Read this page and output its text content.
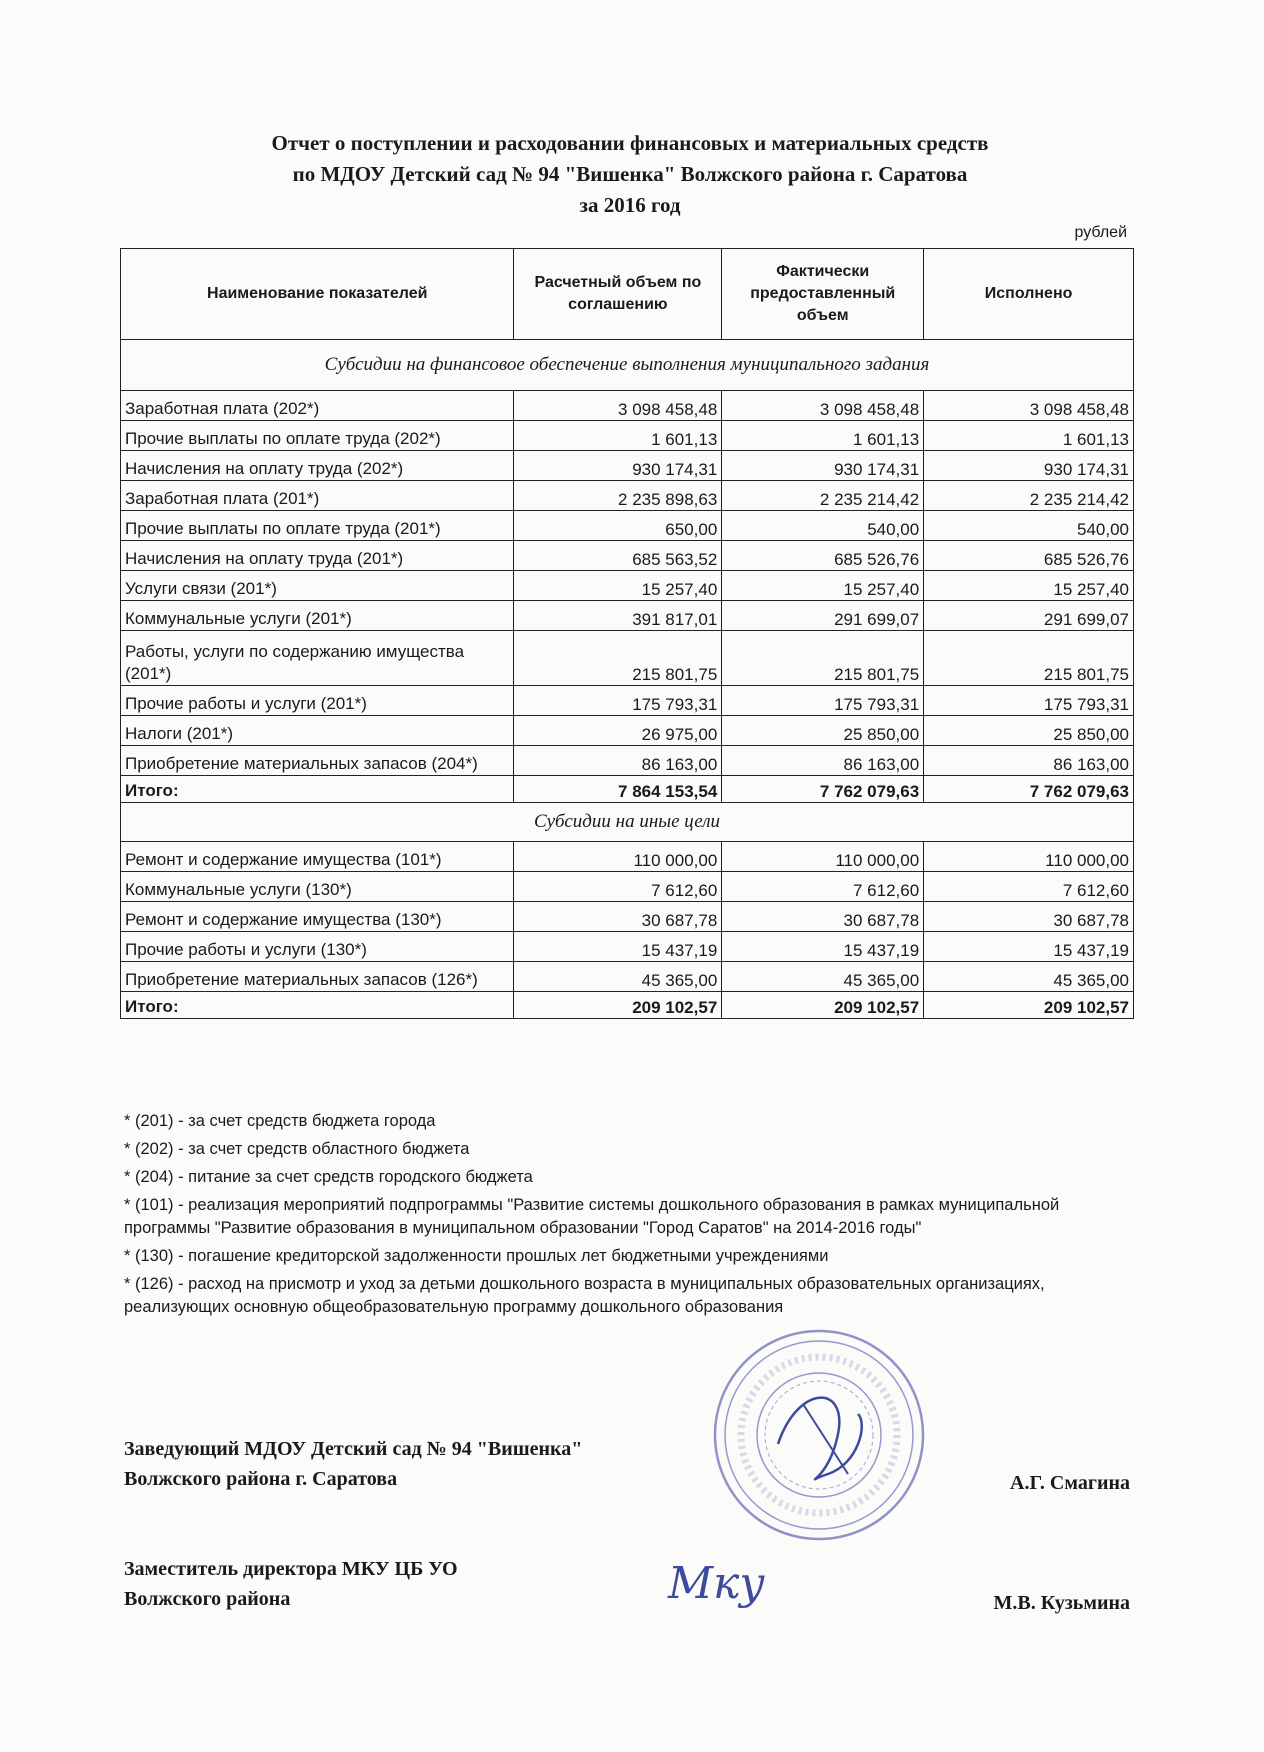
Отчет о поступлении и расходовании финансовых и материальных средств
по МДОУ Детский сад № 94 "Вишенка" Волжского района г. Саратова
за 2016 год
рублей
Наименование показателей	Расчетный объем по соглашению	Фактически предоставленный объем	Исполнено
Субсидии на финансовое обеспечение выполнения муниципального задания			
Заработная плата (202*)	3 098 458,48	3 098 458,48	3 098 458,48
Прочие выплаты по оплате труда (202*)	1 601,13	1 601,13	1 601,13
Начисления на оплату труда (202*)	930 174,31	930 174,31	930 174,31
Заработная плата (201*)	2 235 898,63	2 235 214,42	2 235 214,42
Прочие выплаты по оплате труда (201*)	650,00	540,00	540,00
Начисления на оплату труда (201*)	685 563,52	685 526,76	685 526,76
Услуги связи (201*)	15 257,40	15 257,40	15 257,40
Коммунальные услуги (201*)	391 817,01	291 699,07	291 699,07
Работы, услуги по содержанию имущества (201*)	215 801,75	215 801,75	215 801,75
Прочие работы и услуги (201*)	175 793,31	175 793,31	175 793,31
Налоги (201*)	26 975,00	25 850,00	25 850,00
Приобретение материальных запасов (204*)	86 163,00	86 163,00	86 163,00
Итого:	7 864 153,54	7 762 079,63	7 762 079,63
Субсидии на иные цели			
Ремонт и содержание имущества (101*)	110 000,00	110 000,00	110 000,00
Коммунальные услуги (130*)	7 612,60	7 612,60	7 612,60
Ремонт и содержание имущества (130*)	30 687,78	30 687,78	30 687,78
Прочие работы и услуги (130*)	15 437,19	15 437,19	15 437,19
Приобретение материальных запасов (126*)	45 365,00	45 365,00	45 365,00
Итого:	209 102,57	209 102,57	209 102,57

* (201) - за счет средств бюджета города

* (202) - за счет средств областного бюджета

* (204) - питание за счет средств городского бюджета

* (101) - реализация мероприятий подпрограммы "Развитие системы дошкольного образования в рамках муниципальной программы "Развитие образования в муниципальном образовании "Город Саратов" на 2014-2016 годы"

* (130) - погашение кредиторской задолженности прошлых лет бюджетными учреждениями

* (126) - расход на присмотр и уход за детьми дошкольного возраста в муниципальных образовательных организациях, реализующих основную общеобразовательную программу дошкольного образования

Заведующий МДОУ Детский сад № 94 "Вишенка"
Волжского района г. Саратова	А.Г. Смагина
Заместитель директора МКУ ЦБ УО
Волжского района	М.В. Кузьмина
Мку
